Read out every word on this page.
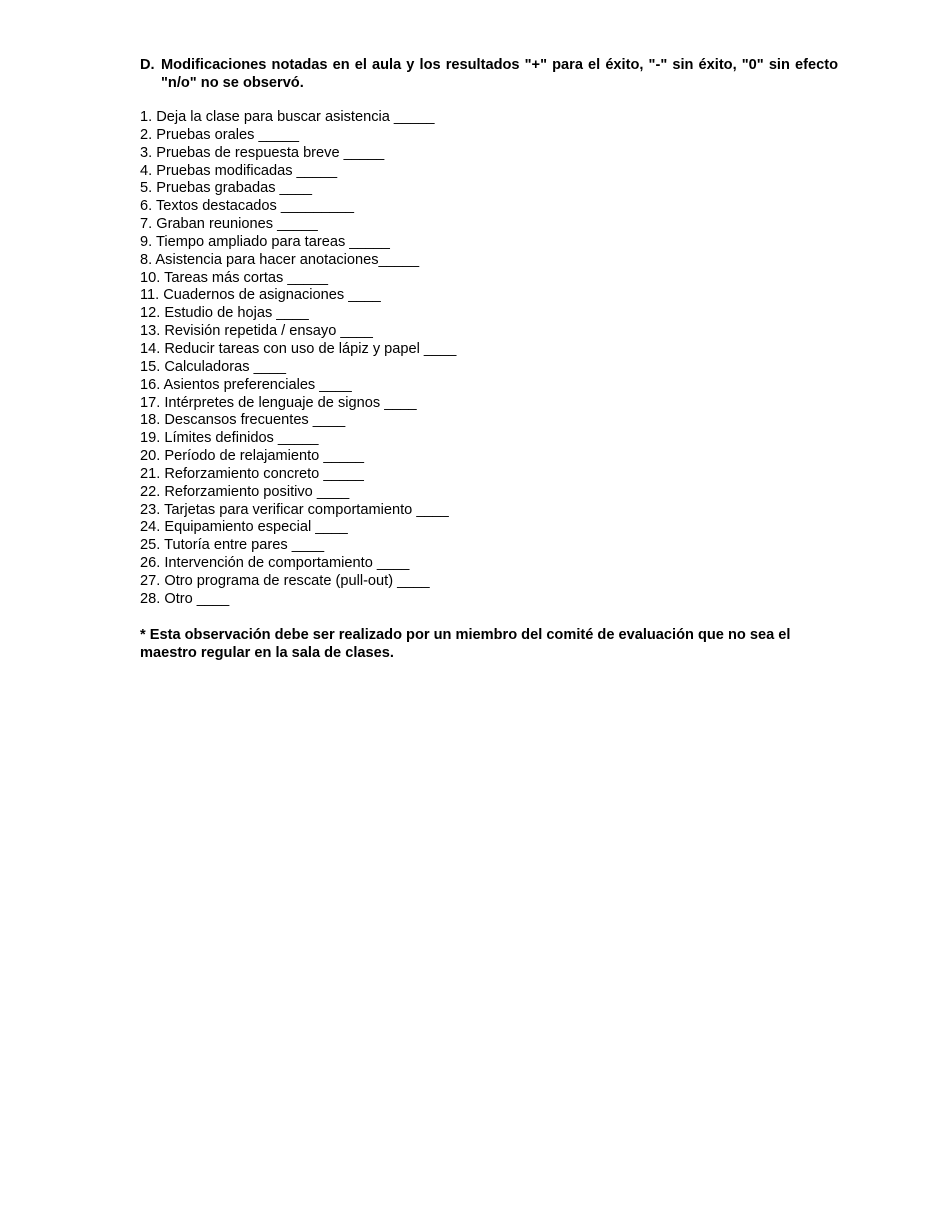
D. Modificaciones notadas en el aula y los resultados "+" para el éxito, "-" sin éxito, "0" sin efecto "n/o" no se observó.

1. Deja la clase para buscar asistencia _____
2. Pruebas orales _____
3. Pruebas de respuesta breve _____
4. Pruebas modificadas _____
5. Pruebas grabadas ____
6. Textos destacados _________
7. Graban reuniones _____
9. Tiempo ampliado para tareas _____
8. Asistencia para hacer anotaciones_____
10. Tareas más cortas _____
11. Cuadernos de asignaciones ____
12. Estudio de hojas ____
13. Revisión repetida / ensayo ____
14. Reducir tareas con uso de lápiz y papel ____
15. Calculadoras ____
16. Asientos preferenciales ____
17. Intérpretes de lenguaje de signos ____
18. Descansos frecuentes ____
19. Límites definidos _____
20. Período de relajamiento _____
21. Reforzamiento concreto _____
22. Reforzamiento positivo ____
23. Tarjetas para verificar comportamiento ____
24. Equipamiento especial ____
25. Tutoría entre pares ____
26. Intervención de comportamiento ____
27. Otro programa de rescate (pull-out) ____
28. Otro ____

* Esta observación debe ser realizado por un miembro del comité de evaluación que no sea el maestro regular en la sala de clases.
